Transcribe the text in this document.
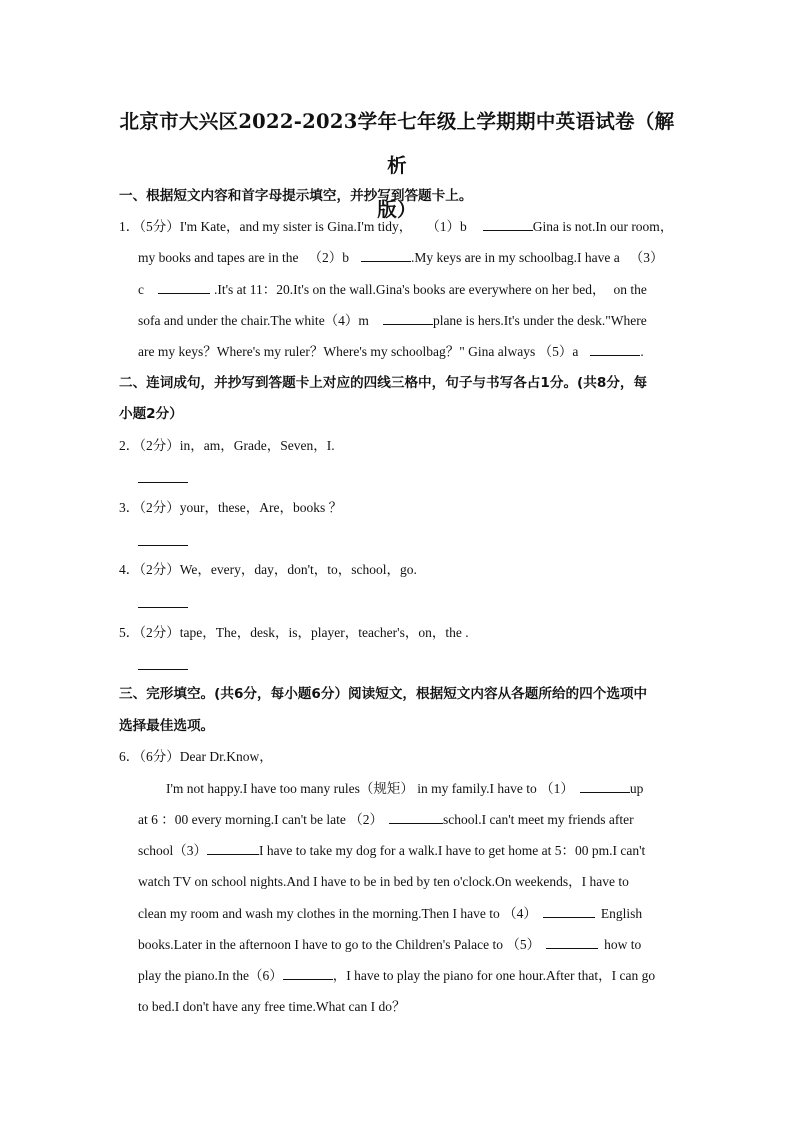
北京市大兴区2022-2023学年七年级上学期期中英语试卷（解析
版）
一、根据短文内容和首字母提示填空，并抄写到答题卡上。
1．（5分）I'm Kate，and my sister is Gina.I'm tidy， （1）b	Gina is not.In our room，
my books and tapes are in the （2）b	.My keys are in my schoolbag.I have a （3）
c	.It's at 11：20.It's on the wall.Gina's books are everywhere on her bed， on the
sofa and under the chair.The white（4）m	plane is hers.It's under the desk."Where
are my keys？Where's my ruler？Where's my schoolbag？" Gina always （5）a	.
二、连词成句，并抄写到答题卡上对应的四线三格中，句子与书写各占1分。(共8分，每
小题2分）
2．（2分）in，am，Grade，Seven，I.
3．（2分）your，these，Are，books ？
4．（2分）We，every，day，don't，to，school，go.
5．（2分）tape，The，desk，is，player，teacher's，on，the .
三、完形填空。(共6分，每小题6分）阅读短文，根据短文内容从各题所给的四个选项中
选择最佳选项。
6．（6分）Dear Dr.Know，
I'm not happy.I have too many rules（规矩） in my family.I have to （1）	up
at 6 ：00 every morning.I can't be late （2）	school.I can't meet my friends after
school（3）	I have to take my dog for a walk.I have to get home at 5：00 pm.I can't
watch TV on school nights.And I have to be in bed by ten o'clock.On weekends，I have to
clean my room and wash my clothes in the morning.Then I have to （4）	English
books.Later in the afternoon I have to go to the Children's Palace to （5）	how to
play the piano.In the（6）	，I have to play the piano for one hour.After that，I can go
to bed.I don't have any free time.What can I do？
